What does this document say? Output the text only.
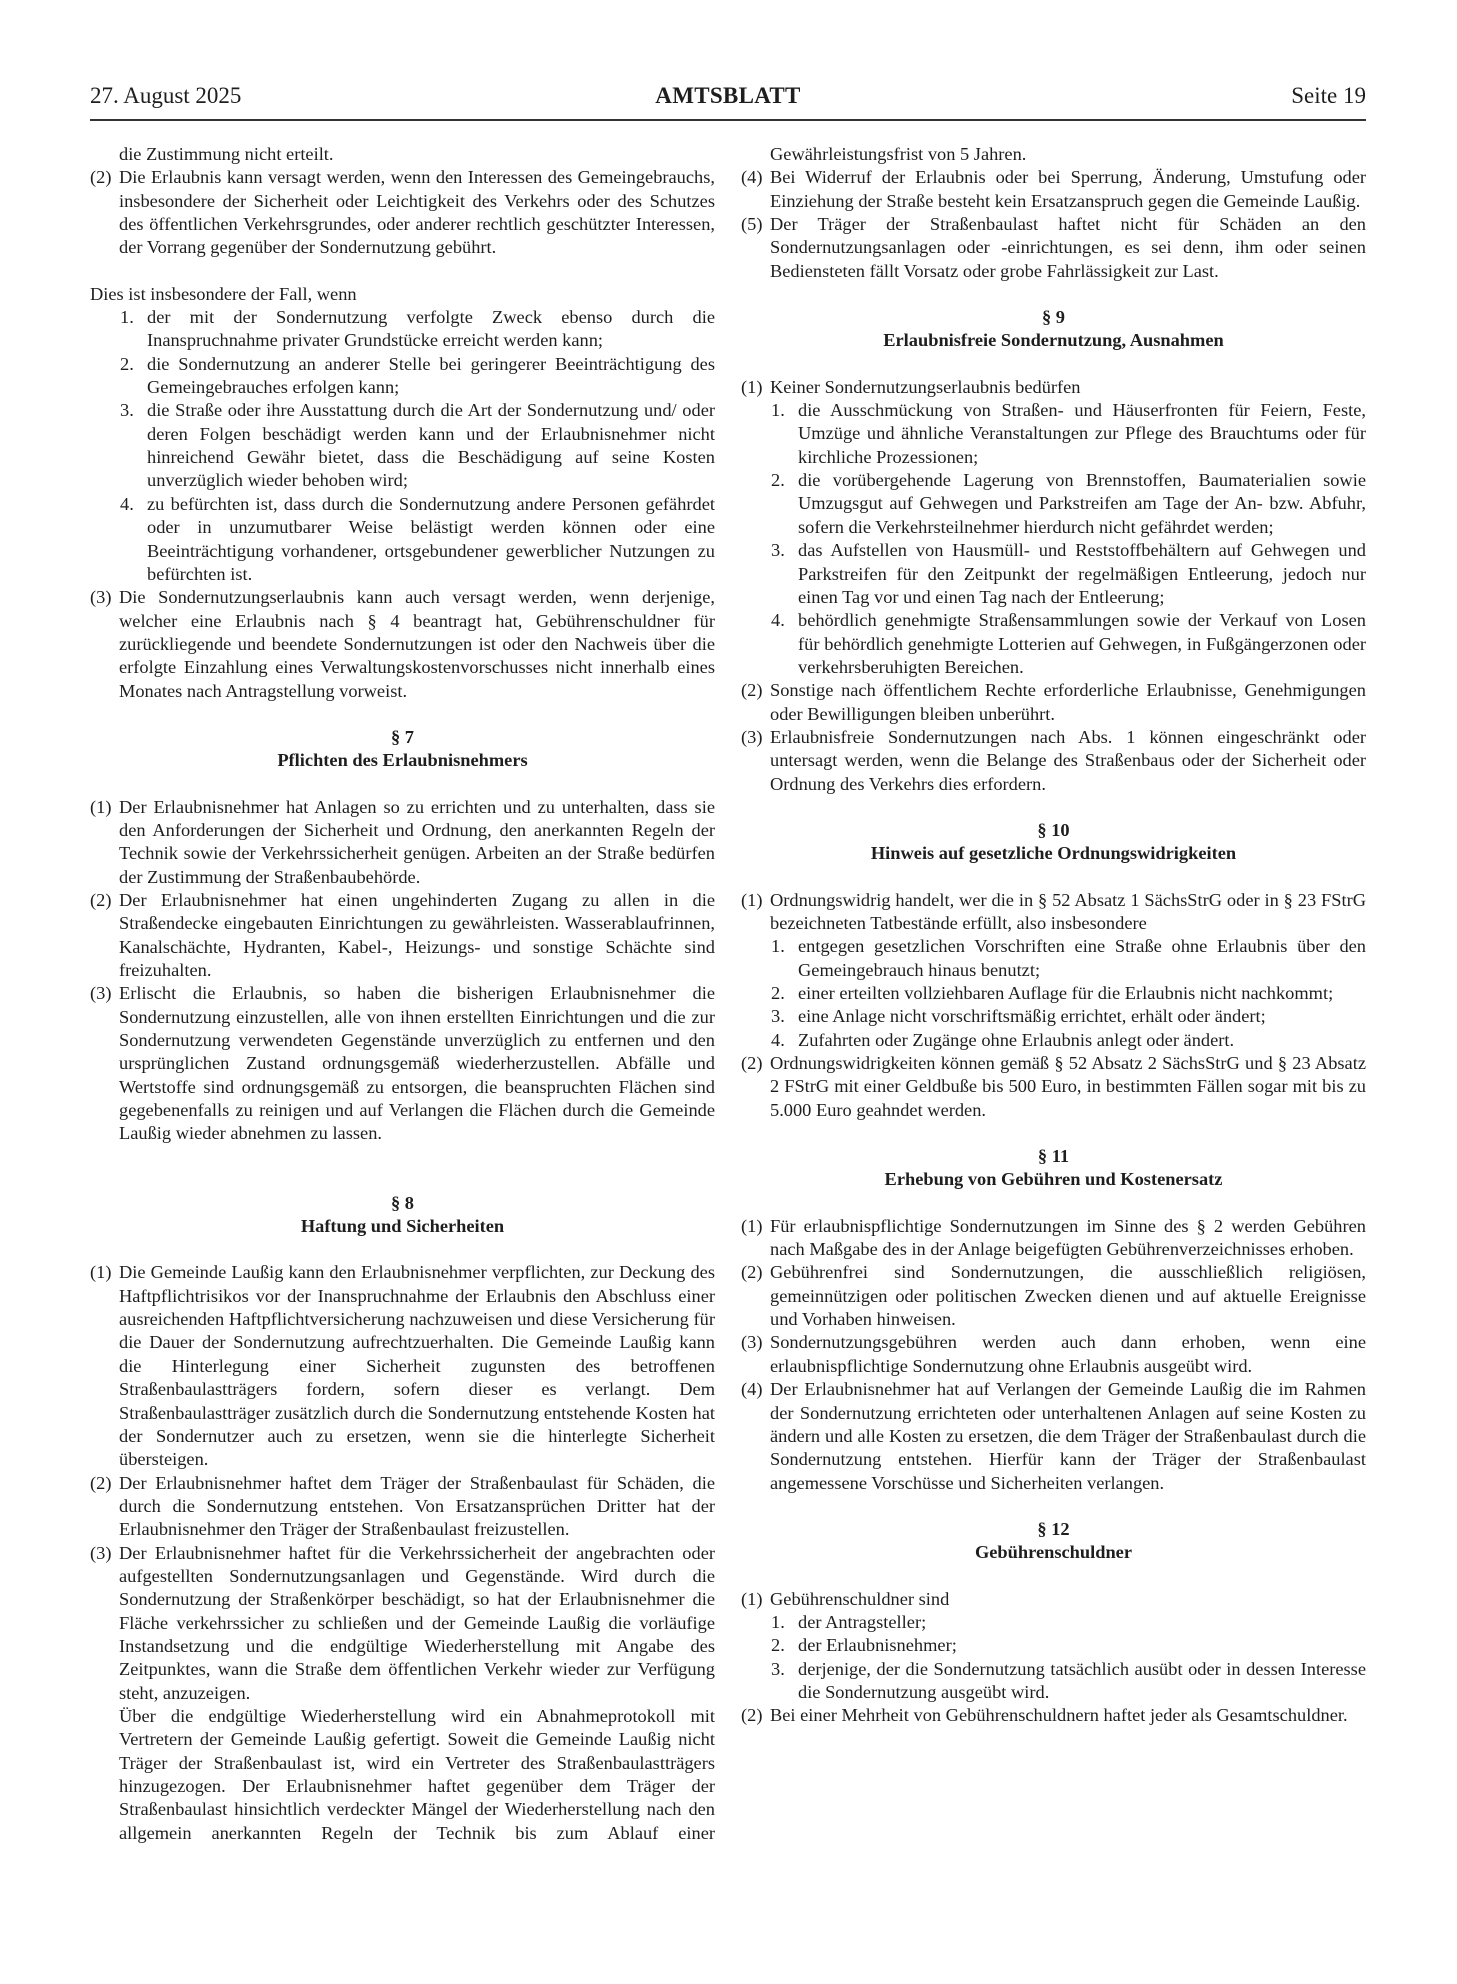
27. August 2025	AMTSBLATT	Seite 19

die Zustimmung nicht erteilt.

(2) Die Erlaubnis kann versagt werden, wenn den Interessen des Gemeingebrauchs, insbesondere der Sicherheit oder Leichtigkeit des Verkehrs oder des Schutzes des öffentlichen Verkehrsgrundes, oder anderer rechtlich geschützter Interessen, der Vorrang gegenüber der Sondernutzung gebührt.

Dies ist insbesondere der Fall, wenn

1. der mit der Sondernutzung verfolgte Zweck ebenso durch die Inanspruchnahme privater Grundstücke erreicht werden kann;
2. die Sondernutzung an anderer Stelle bei geringerer Beeinträchtigung des Gemeingebrauches erfolgen kann;
3. die Straße oder ihre Ausstattung durch die Art der Sondernutzung und/ oder deren Folgen beschädigt werden kann und der Erlaubnisnehmer nicht hinreichend Gewähr bietet, dass die Beschädigung auf seine Kosten unverzüglich wieder behoben wird;
4. zu befürchten ist, dass durch die Sondernutzung andere Personen gefährdet oder in unzumutbarer Weise belästigt werden können oder eine Beeinträchtigung vorhandener, ortsgebundener gewerblicher Nutzungen zu befürchten ist.
(3) Die Sondernutzungserlaubnis kann auch versagt werden, wenn derjenige, welcher eine Erlaubnis nach § 4 beantragt hat, Gebührenschuldner für zurückliegende und beendete Sondernutzungen ist oder den Nachweis über die erfolgte Einzahlung eines Verwaltungskostenvorschusses nicht innerhalb eines Monates nach Antragstellung vorweist.
§ 7
Pflichten des Erlaubnisnehmers
(1) Der Erlaubnisnehmer hat Anlagen so zu errichten und zu unterhalten, dass sie den Anforderungen der Sicherheit und Ordnung, den anerkannten Regeln der Technik sowie der Verkehrssicherheit genügen. Arbeiten an der Straße bedürfen der Zustimmung der Straßenbaubehörde.
(2) Der Erlaubnisnehmer hat einen ungehinderten Zugang zu allen in die Straßendecke eingebauten Einrichtungen zu gewährleisten. Wasserablaufrinnen, Kanalschächte, Hydranten, Kabel-, Heizungs- und sonstige Schächte sind freizuhalten.
(3) Erlischt die Erlaubnis, so haben die bisherigen Erlaubnisnehmer die Sondernutzung einzustellen, alle von ihnen erstellten Einrichtungen und die zur Sondernutzung verwendeten Gegenstände unverzüglich zu entfernen und den ursprünglichen Zustand ordnungsgemäß wiederherzustellen. Abfälle und Wertstoffe sind ordnungsgemäß zu entsorgen, die beanspruchten Flächen sind gegebenenfalls zu reinigen und auf Verlangen die Flächen durch die Gemeinde Laußig wieder abnehmen zu lassen.
§ 8
Haftung und Sicherheiten
(1) Die Gemeinde Laußig kann den Erlaubnisnehmer verpflichten, zur Deckung des Haftpflichtrisikos vor der Inanspruchnahme der Erlaubnis den Abschluss einer ausreichenden Haftpflichtversicherung nachzuweisen und diese Versicherung für die Dauer der Sondernutzung aufrechtzuerhalten. Die Gemeinde Laußig kann die Hinterlegung einer Sicherheit zugunsten des betroffenen Straßenbaulastträgers fordern, sofern dieser es verlangt. Dem Straßenbaulastträger zusätzlich durch die Sondernutzung entstehende Kosten hat der Sondernutzer auch zu ersetzen, wenn sie die hinterlegte Sicherheit übersteigen.
(2) Der Erlaubnisnehmer haftet dem Träger der Straßenbaulast für Schäden, die durch die Sondernutzung entstehen. Von Ersatzansprüchen Dritter hat der Erlaubnisnehmer den Träger der Straßenbaulast freizustellen.
(3) Der Erlaubnisnehmer haftet für die Verkehrssicherheit der angebrachten oder aufgestellten Sondernutzungsanlagen und Gegenstände. Wird durch die Sondernutzung der Straßenkörper beschädigt, so hat der Erlaubnisnehmer die Fläche verkehrssicher zu schließen und der Gemeinde Laußig die vorläufige Instandsetzung und die endgültige Wiederherstellung mit Angabe des Zeitpunktes, wann die Straße dem öffentlichen Verkehr wieder zur Verfügung steht, anzuzeigen.

Über die endgültige Wiederherstellung wird ein Abnahmeprotokoll mit Vertretern der Gemeinde Laußig gefertigt. Soweit die Gemeinde Laußig nicht Träger der Straßenbaulast ist, wird ein Vertreter des Straßenbaulastträgers hinzugezogen. Der Erlaubnisnehmer haftet gegenüber dem Träger der Straßenbaulast hinsichtlich verdeckter Mängel der Wiederherstellung nach den allgemein anerkannten Regeln der Technik bis zum Ablauf einer

Gewährleistungsfrist von 5 Jahren.

(4) Bei Widerruf der Erlaubnis oder bei Sperrung, Änderung, Umstufung oder Einziehung der Straße besteht kein Ersatzanspruch gegen die Gemeinde Laußig.
(5) Der Träger der Straßenbaulast haftet nicht für Schäden an den Sondernutzungsanlagen oder -einrichtungen, es sei denn, ihm oder seinen Bediensteten fällt Vorsatz oder grobe Fahrlässigkeit zur Last.
§ 9
Erlaubnisfreie Sondernutzung, Ausnahmen
(1) Keiner Sondernutzungserlaubnis bedürfen
1. die Ausschmückung von Straßen- und Häuserfronten für Feiern, Feste, Umzüge und ähnliche Veranstaltungen zur Pflege des Brauchtums oder für kirchliche Prozessionen;
2. die vorübergehende Lagerung von Brennstoffen, Baumaterialien sowie Umzugsgut auf Gehwegen und Parkstreifen am Tage der An- bzw. Abfuhr, sofern die Verkehrsteilnehmer hierdurch nicht gefährdet werden;
3. das Aufstellen von Hausmüll- und Reststoffbehältern auf Gehwegen und Parkstreifen für den Zeitpunkt der regelmäßigen Entleerung, jedoch nur einen Tag vor und einen Tag nach der Entleerung;
4. behördlich genehmigte Straßensammlungen sowie der Verkauf von Losen für behördlich genehmigte Lotterien auf Gehwegen, in Fußgängerzonen oder verkehrsberuhigten Bereichen.
(2) Sonstige nach öffentlichem Rechte erforderliche Erlaubnisse, Genehmigungen oder Bewilligungen bleiben unberührt.
(3) Erlaubnisfreie Sondernutzungen nach Abs. 1 können eingeschränkt oder untersagt werden, wenn die Belange des Straßenbaus oder der Sicherheit oder Ordnung des Verkehrs dies erfordern.
§ 10
Hinweis auf gesetzliche Ordnungswidrigkeiten
(1) Ordnungswidrig handelt, wer die in § 52 Absatz 1 SächsStrG oder in § 23 FStrG bezeichneten Tatbestände erfüllt, also insbesondere
1. entgegen gesetzlichen Vorschriften eine Straße ohne Erlaubnis über den Gemeingebrauch hinaus benutzt;
2. einer erteilten vollziehbaren Auflage für die Erlaubnis nicht nachkommt;
3. eine Anlage nicht vorschriftsmäßig errichtet, erhält oder ändert;
4. Zufahrten oder Zugänge ohne Erlaubnis anlegt oder ändert.
(2) Ordnungswidrigkeiten können gemäß § 52 Absatz 2 SächsStrG und § 23 Absatz 2 FStrG mit einer Geldbuße bis 500 Euro, in bestimmten Fällen sogar mit bis zu 5.000 Euro geahndet werden.
§ 11
Erhebung von Gebühren und Kostenersatz
(1) Für erlaubnispflichtige Sondernutzungen im Sinne des § 2 werden Gebühren nach Maßgabe des in der Anlage beigefügten Gebührenverzeichnisses erhoben.
(2) Gebührenfrei sind Sondernutzungen, die ausschließlich religiösen, gemeinnützigen oder politischen Zwecken dienen und auf aktuelle Ereignisse und Vorhaben hinweisen.
(3) Sondernutzungsgebühren werden auch dann erhoben, wenn eine erlaubnispflichtige Sondernutzung ohne Erlaubnis ausgeübt wird.
(4) Der Erlaubnisnehmer hat auf Verlangen der Gemeinde Laußig die im Rahmen der Sondernutzung errichteten oder unterhaltenen Anlagen auf seine Kosten zu ändern und alle Kosten zu ersetzen, die dem Träger der Straßenbaulast durch die Sondernutzung entstehen. Hierfür kann der Träger der Straßenbaulast angemessene Vorschüsse und Sicherheiten verlangen.
§ 12
Gebührenschuldner
(1) Gebührenschuldner sind
1. der Antragsteller;
2. der Erlaubnisnehmer;
3. derjenige, der die Sondernutzung tatsächlich ausübt oder in dessen Interesse die Sondernutzung ausgeübt wird.
(2) Bei einer Mehrheit von Gebührenschuldnern haftet jeder als Gesamtschuldner.
